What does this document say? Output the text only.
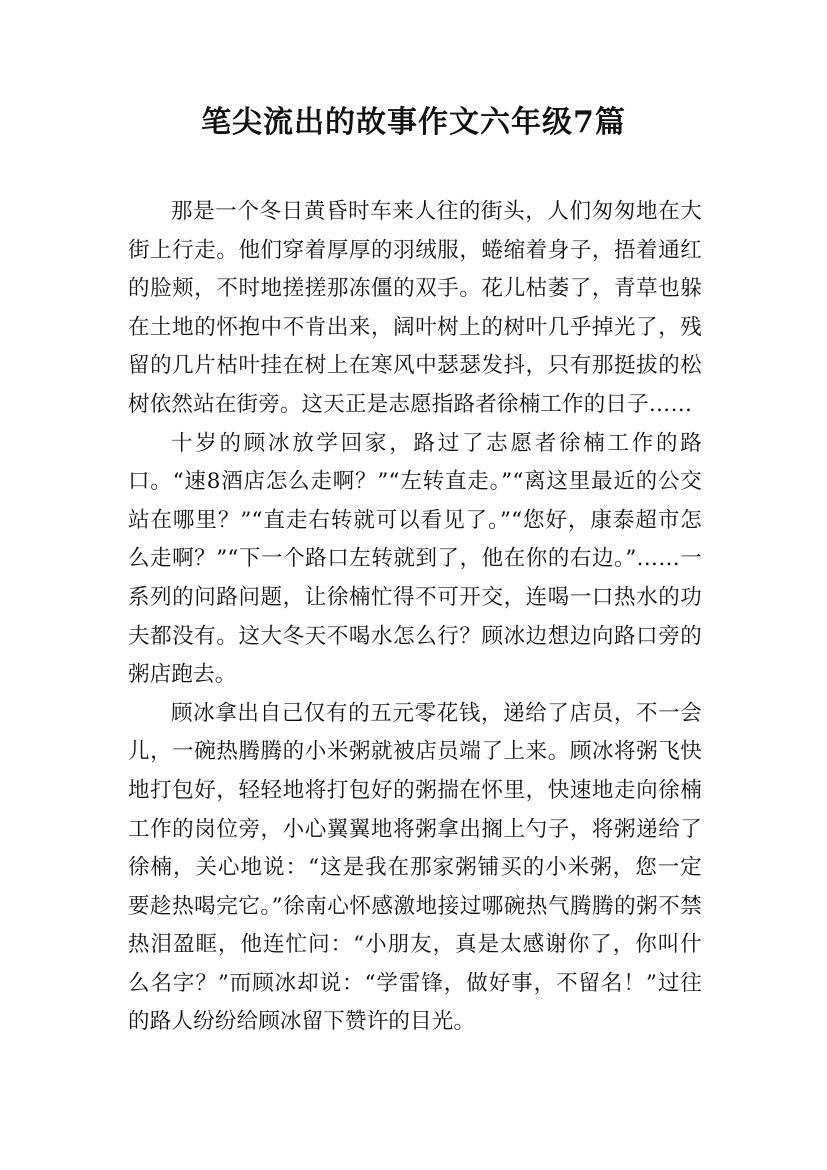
笔尖流出的故事作文六年级7篇

那是一个冬日黄昏时车来人往的街头，人们匆匆地在大街上行走。他们穿着厚厚的羽绒服，蜷缩着身子，捂着通红的脸颊，不时地搓搓那冻僵的双手。花儿枯萎了，青草也躲在土地的怀抱中不肯出来，阔叶树上的树叶几乎掉光了，残留的几片枯叶挂在树上在寒风中瑟瑟发抖，只有那挺拔的松树依然站在街旁。这天正是志愿指路者徐楠工作的日子……

十岁的顾冰放学回家，路过了志愿者徐楠工作的路口。“速8酒店怎么走啊？”“左转直走。”“离这里最近的公交站在哪里？”“直走右转就可以看见了。”“您好，康泰超市怎么走啊？”“下一个路口左转就到了，他在你的右边。”……一系列的问路问题，让徐楠忙得不可开交，连喝一口热水的功夫都没有。这大冬天不喝水怎么行？顾冰边想边向路口旁的粥店跑去。

顾冰拿出自己仅有的五元零花钱，递给了店员，不一会儿，一碗热腾腾的小米粥就被店员端了上来。顾冰将粥飞快地打包好，轻轻地将打包好的粥揣在怀里，快速地走向徐楠工作的岗位旁，小心翼翼地将粥拿出搁上勺子，将粥递给了徐楠，关心地说：“这是我在那家粥铺买的小米粥，您一定要趁热喝完它。”徐南心怀感激地接过哪碗热气腾腾的粥不禁热泪盈眶，他连忙问：“小朋友，真是太感谢你了，你叫什么名字？”而顾冰却说：“学雷锋，做好事，不留名！”过往的路人纷纷给顾冰留下赞许的目光。
